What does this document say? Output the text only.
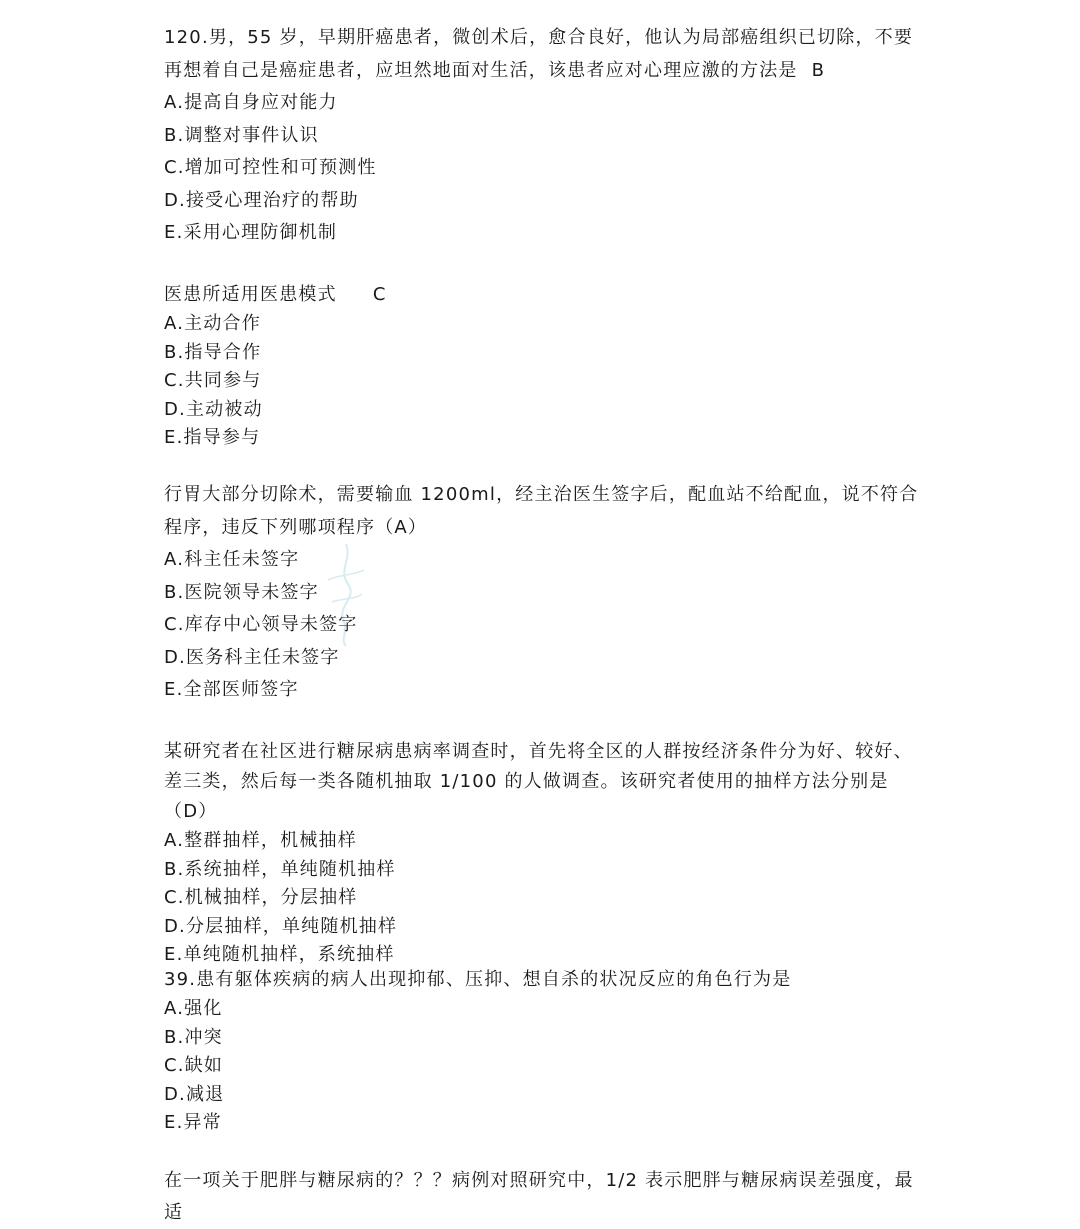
120.男，55 岁，早期肝癌患者，微创术后，愈合良好，他认为局部癌组织已切除，不要再想着自己是癌症患者，应坦然地面对生活，该患者应对心理应激的方法是 B

A.提高自身应对能力
B.调整对事件认识
C.增加可控性和可预测性
D.接受心理治疗的帮助
E.采用心理防御机制

医患所适用医患模式 C

A.主动合作
B.指导合作
C.共同参与
D.主动被动
E.指导参与

行胃大部分切除术，需要输血 1200ml，经主治医生签字后，配血站不给配血，说不符合程序，违反下列哪项程序（A）

A.科主任未签字
B.医院领导未签字
C.库存中心领导未签字
D.医务科主任未签字
E.全部医师签字

某研究者在社区进行糖尿病患病率调查时，首先将全区的人群按经济条件分为好、较好、差三类，然后每一类各随机抽取 1/100 的人做调查。该研究者使用的抽样方法分别是（D）

A.整群抽样，机械抽样
B.系统抽样，单纯随机抽样
C.机械抽样，分层抽样
D.分层抽样，单纯随机抽样
E.单纯随机抽样，系统抽样

39.患有躯体疾病的病人出现抑郁、压抑、想自杀的状况反应的角色行为是

A.强化
B.冲突
C.缺如
D.减退
E.异常

在一项关于肥胖与糖尿病的？？？病例对照研究中，1/2 表示肥胖与糖尿病误差强度，最适
